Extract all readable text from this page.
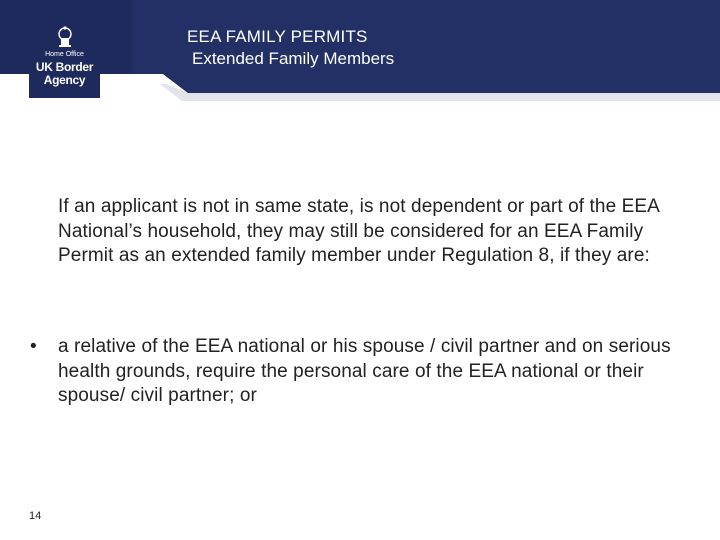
Home Office
UK Border
Agency
EEA FAMILY PERMITS
Extended Family Members
If an applicant is not in same state, is not dependent or part of the EEA National’s household, they may still be considered for an EEA Family Permit as an extended family member under Regulation 8, if they are:
•	a relative of the EEA national or his spouse / civil partner and on serious health grounds, require the personal care of the EEA national or their spouse/ civil partner; or
14
